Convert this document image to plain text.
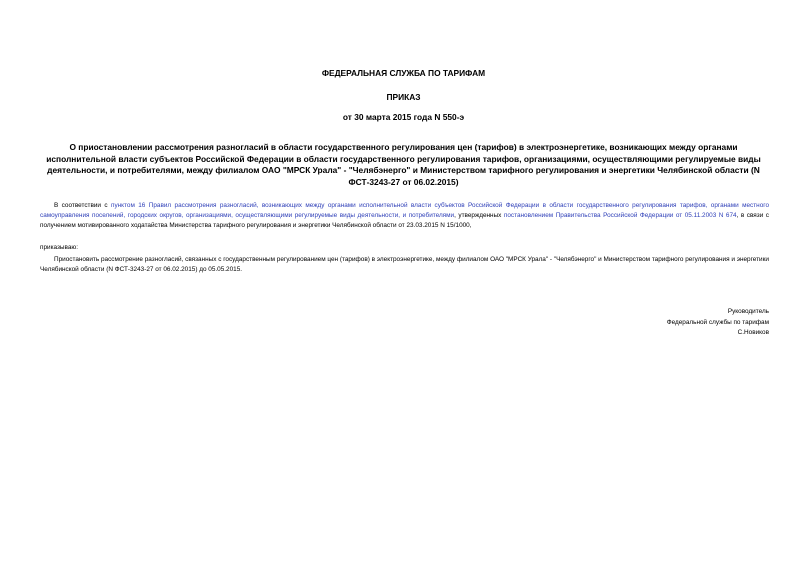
ФЕДЕРАЛЬНАЯ СЛУЖБА ПО ТАРИФАМ

ПРИКАЗ

от 30 марта 2015 года N 550-э

О приостановлении рассмотрения разногласий в области государственного регулирования цен (тарифов) в электроэнергетике, возникающих между органами исполнительной власти субъектов Российской Федерации в области государственного регулирования тарифов, организациями, осуществляющими регулируемые виды деятельности, и потребителями, между филиалом ОАО "МРСК Урала" - "Челябэнерго" и Министерством тарифного регулирования и энергетики Челябинской области (N ФСТ-3243-27 от 06.02.2015)

В соответствии с пунктом 16 Правил рассмотрения разногласий, возникающих между органами исполнительной власти субъектов Российской Федерации в области государственного регулирования тарифов, органами местного самоуправления поселений, городских округов, организациями, осуществляющими регулируемые виды деятельности, и потребителями, утвержденных постановлением Правительства Российской Федерации от 05.11.2003 N 674, в связи с получением мотивированного ходатайства Министерства тарифного регулирования и энергетики Челябинской области от 23.03.2015 N 15/1000,

приказываю:

Приостановить рассмотрение разногласий, связанных с государственным регулированием цен (тарифов) в электроэнергетике, между филиалом ОАО "МРСК Урала" - "Челябэнерго" и Министерством тарифного регулирования и энергетики Челябинской области (N ФСТ-3243-27 от 06.02.2015) до 05.05.2015.

Руководитель
Федеральной службы по тарифам
С.Новиков
